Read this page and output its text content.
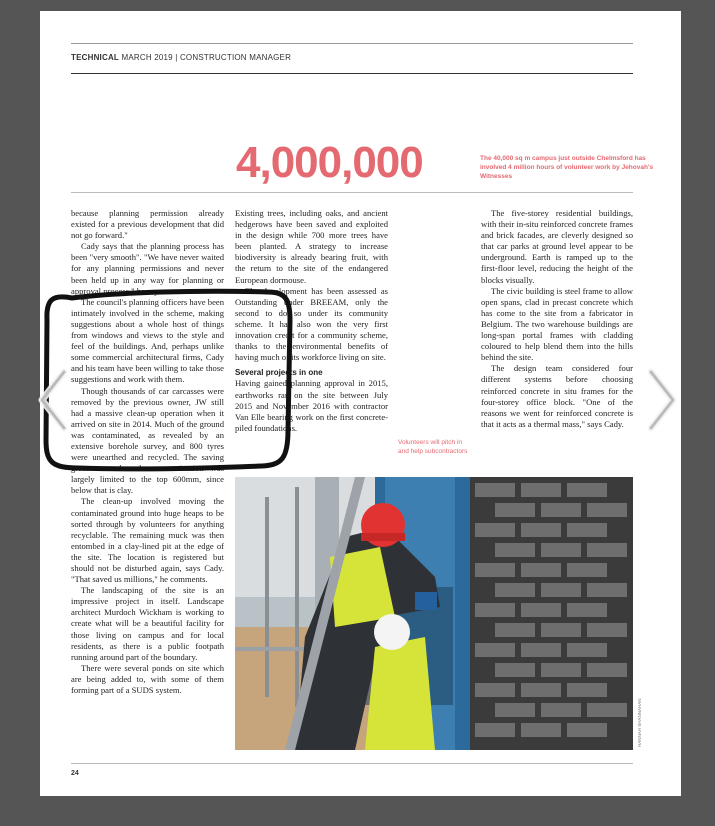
TECHNICAL MARCH 2019 | CONSTRUCTION MANAGER
4,000,000	The 40,000 sq m campus just outside Chelmsford has involved 4 million hours of volunteer work by Jehovah's Witnesses

because planning permission already existed for a previous development that did not go forward."

Cady says that the planning process has been "very smooth". "We have never waited for any planning permissions and never been held up in any way for planning or approval process," he says.

The council's planning officers have been intimately involved in the scheme, making suggestions about a whole host of things from windows and views to the style and feel of the buildings. And, perhaps unlike some commercial architectural firms, Cady and his team have been willing to take those suggestions and work with them.

Though thousands of car carcasses were removed by the previous owner, JW still had a massive clean-up operation when it arrived on site in 2014. Much of the ground was contaminated, as revealed by an extensive borehole survey, and 800 tyres were unearthed and recycled. The saving grace was that the contamination was largely limited to the top 600mm, since below that is clay.

The clean-up involved moving the contaminated ground into huge heaps to be sorted through by volunteers for anything recyclable. The remaining muck was then entombed in a clay-lined pit at the edge of the site. The location is registered but should not be disturbed again, says Cady. "That saved us millions," he comments.

The landscaping of the site is an impressive project in itself. Landscape architect Murdoch Wickham is working to create what will be a beautiful facility for those living on campus and for local residents, as there is a public footpath running around part of the boundary.

There were several ponds on site which are being added to, with some of them forming part of a SUDS system.

Existing trees, including oaks, and ancient hedgerows have been saved and exploited in the design while 700 more trees have been planted. A strategy to increase biodiversity is already bearing fruit, with the return to the site of the endangered European dormouse.

The development has been assessed as Outstanding under BREEAM, only the second to do so under its community scheme. It has also won the very first innovation credit for a community scheme, thanks to the environmental benefits of having much of its workforce living on site.

Several projects in one

Having gained planning approval in 2015, earthworks ran on the site between July 2015 and November 2016 with contractor Van Elle bearing work on the first concrete-piled foundations.

Volunteers will pitch in and help subcontractors

The five-storey residential buildings, with their in-situ reinforced concrete frames and brick facades, are cleverly designed so that car parks at ground level appear to be underground. Earth is ramped up to the first-floor level, reducing the height of the blocks visually.

The civic building is steel frame to allow open spans, clad in precast concrete which has come to the site from a fabricator in Belgium. The two warehouse buildings are long-span portal frames with cladding coloured to help blend them into the hills behind the site.

The design team considered four different systems before choosing reinforced concrete in situ frames for the four-storey office block. "One of the reasons we went for reinforced concrete is that it acts as a thermal mass," says Cady.

HANNAH SHANNAHAN
24
